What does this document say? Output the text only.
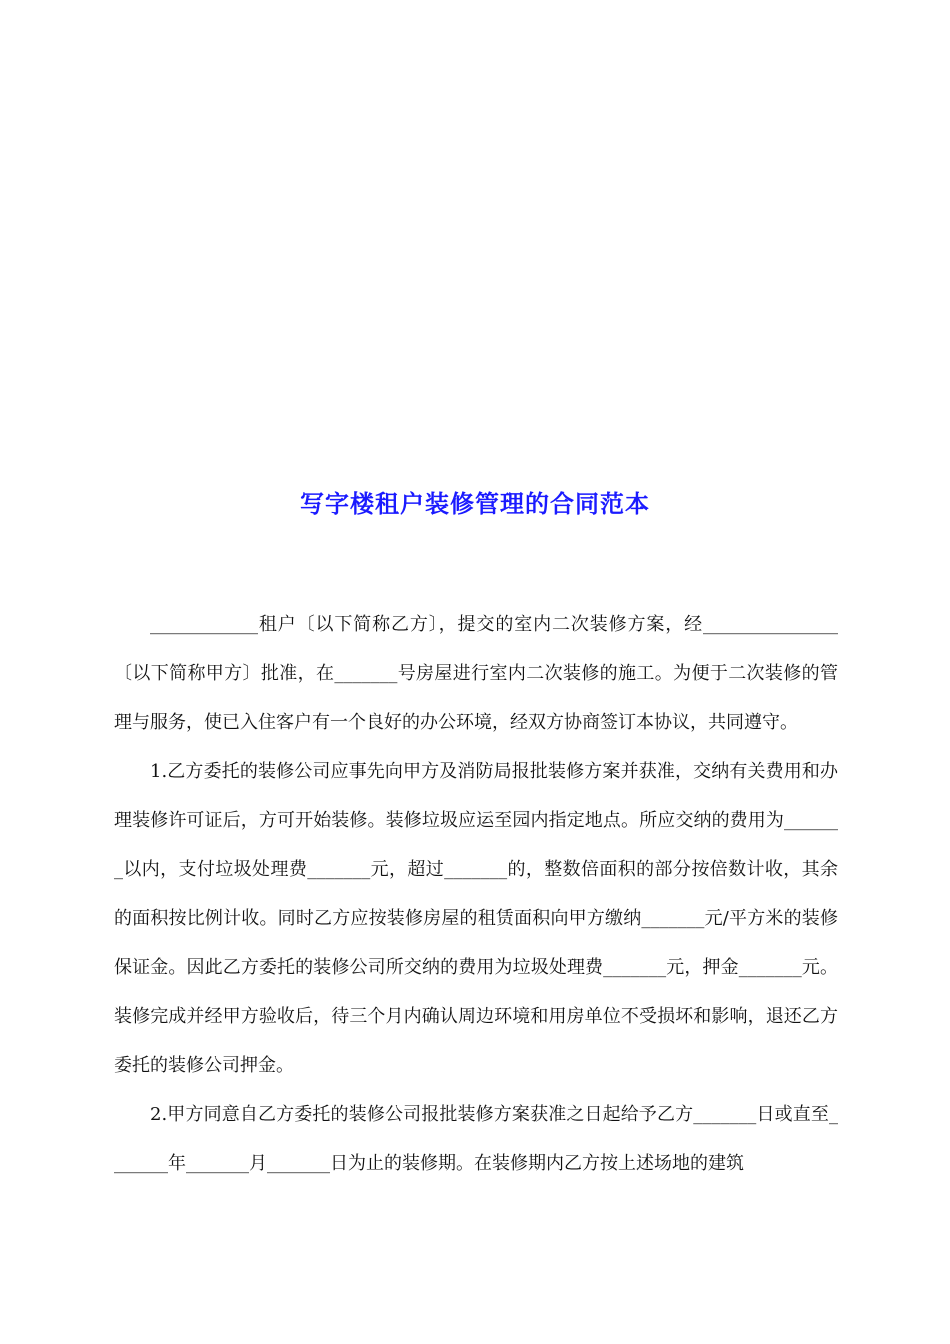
写字楼租户装修管理的合同范本

____________租户〔以下简称乙方〕，提交的室内二次装修方案，经_______________〔以下简称甲方〕批准，在_______号房屋进行室内二次装修的施工。为便于二次装修的管理与服务，使已入住客户有一个良好的办公环境，经双方协商签订本协议，共同遵守。

1.乙方委托的装修公司应事先向甲方及消防局报批装修方案并获准，交纳有关费用和办理装修许可证后，方可开始装修。装修垃圾应运至园内指定地点。所应交纳的费用为_______以内，支付垃圾处理费_______元，超过_______的，整数倍面积的部分按倍数计收，其余的面积按比例计收。同时乙方应按装修房屋的租赁面积向甲方缴纳_______元/平方米的装修保证金。因此乙方委托的装修公司所交纳的费用为垃圾处理费_______元，押金_______元。装修完成并经甲方验收后，待三个月内确认周边环境和用房单位不受损坏和影响，退还乙方委托的装修公司押金。

2.甲方同意自乙方委托的装修公司报批装修方案获准之日起给予乙方_______日或直至_______年_______月_______日为止的装修期。在装修期内乙方按上述场地的建筑
